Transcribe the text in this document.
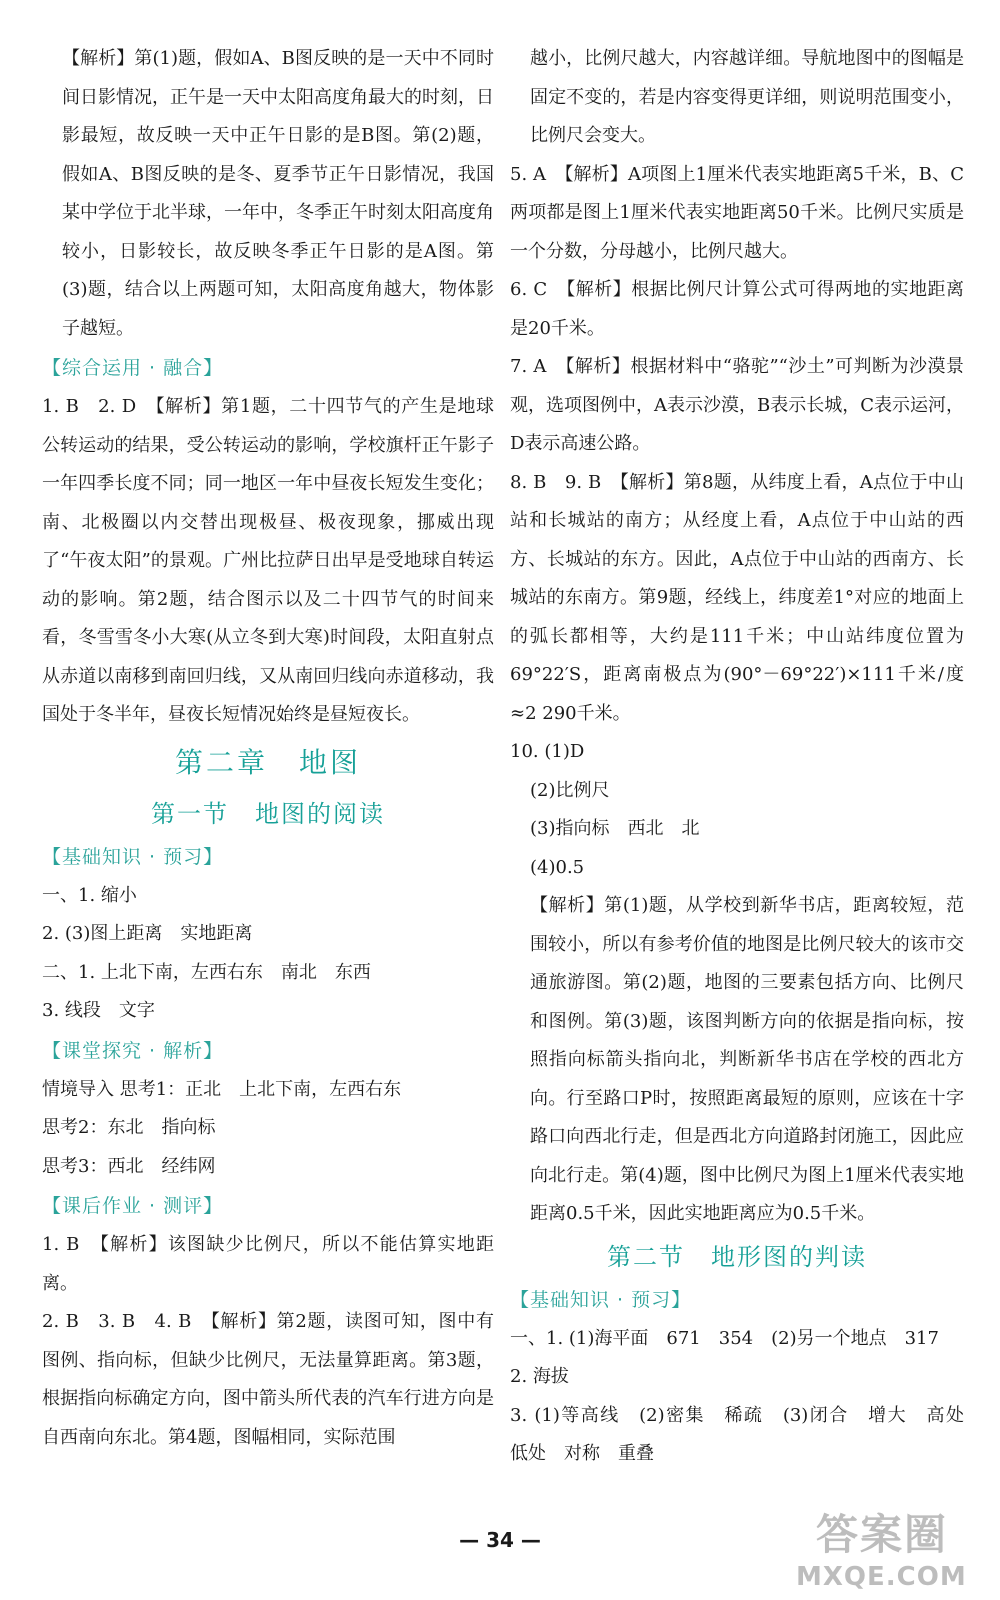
【解析】第(1)题，假如A、B图反映的是一天中不同时间日影情况，正午是一天中太阳高度角最大的时刻，日影最短，故反映一天中正午日影的是B图。第(2)题，假如A、B图反映的是冬、夏季节正午日影情况，我国某中学位于北半球，一年中，冬季正午时刻太阳高度角较小，日影较长，故反映冬季正午日影的是A图。第(3)题，结合以上两题可知，太阳高度角越大，物体影子越短。

【综合运用 · 融合】

1. B　2. D　【解析】第1题，二十四节气的产生是地球公转运动的结果，受公转运动的影响，学校旗杆正午影子一年四季长度不同；同一地区一年中昼夜长短发生变化；南、北极圈以内交替出现极昼、极夜现象，挪威出现了“午夜太阳”的景观。广州比拉萨日出早是受地球自转运动的影响。第2题，结合图示以及二十四节气的时间来看，冬雪雪冬小大寒(从立冬到大寒)时间段，太阳直射点从赤道以南移到南回归线，又从南回归线向赤道移动，我国处于冬半年，昼夜长短情况始终是昼短夜长。

第二章　地图

第一节　地图的阅读

【基础知识 · 预习】

一、1. 缩小

2. (3)图上距离　实地距离

二、1. 上北下南，左西右东　南北　东西

3. 线段　文字

【课堂探究 · 解析】

情境导入 思考1：正北　上北下南，左西右东

思考2：东北　指向标

思考3：西北　经纬网

【课后作业 · 测评】

1. B　【解析】该图缺少比例尺，所以不能估算实地距离。

2. B　3. B　4. B　【解析】第2题，读图可知，图中有图例、指向标，但缺少比例尺，无法量算距离。第3题，根据指向标确定方向，图中箭头所代表的汽车行进方向是自西南向东北。第4题，图幅相同，实际范围

越小，比例尺越大，内容越详细。导航地图中的图幅是固定不变的，若是内容变得更详细，则说明范围变小，比例尺会变大。

5. A　【解析】A项图上1厘米代表实地距离5千米，B、C两项都是图上1厘米代表实地距离50千米。比例尺实质是一个分数，分母越小，比例尺越大。

6. C　【解析】根据比例尺计算公式可得两地的实地距离是20千米。

7. A　【解析】根据材料中“骆驼”“沙土”可判断为沙漠景观，选项图例中，A表示沙漠，B表示长城，C表示运河，D表示高速公路。

8. B　9. B　【解析】第8题，从纬度上看，A点位于中山站和长城站的南方；从经度上看，A点位于中山站的西方、长城站的东方。因此，A点位于中山站的西南方、长城站的东南方。第9题，经线上，纬度差1°对应的地面上的弧长都相等，大约是111千米；中山站纬度位置为69°22′S，距离南极点为(90°－69°22′)×111千米/度≈2 290千米。

10. (1)D

(2)比例尺

(3)指向标　西北　北

(4)0.5

【解析】第(1)题，从学校到新华书店，距离较短，范围较小，所以有参考价值的地图是比例尺较大的该市交通旅游图。第(2)题，地图的三要素包括方向、比例尺和图例。第(3)题，该图判断方向的依据是指向标，按照指向标箭头指向北，判断新华书店在学校的西北方向。行至路口P时，按照距离最短的原则，应该在十字路口向西北行走，但是西北方向道路封闭施工，因此应向北行走。第(4)题，图中比例尺为图上1厘米代表实地距离0.5千米，因此实地距离应为0.5千米。

第二节　地形图的判读

【基础知识 · 预习】

一、1. (1)海平面　671　354　(2)另一个地点　317

2. 海拔

3. (1)等高线　(2)密集　稀疏　(3)闭合　增大　高处　低处　对称　重叠

— 34 —	答案圈
MXQE.COM
